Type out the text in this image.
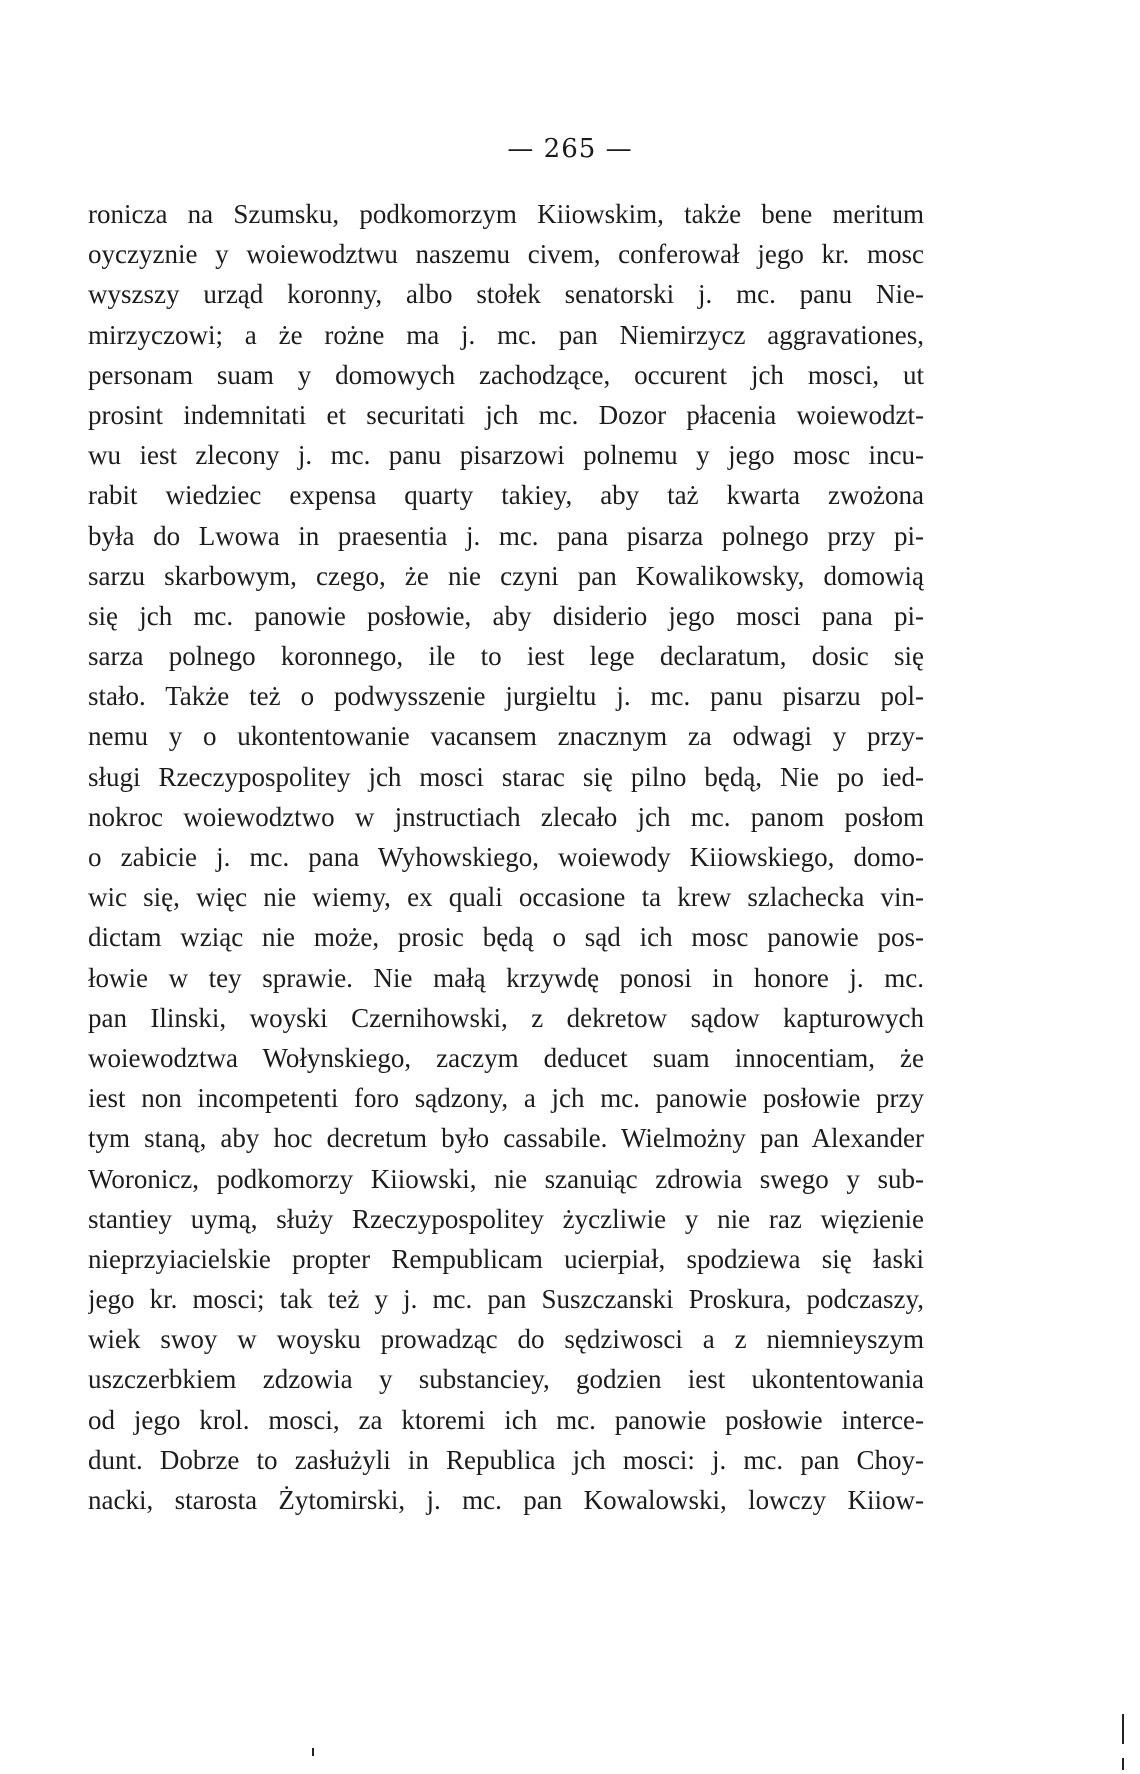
— 265 —
ronicza na Szumsku, podkomorzym Kiiowskim, także bene meritum
oyczyznie y woiewodztwu naszemu civem, conferował jego kr. mosc
wyszszy urząd koronny, albo stołek senatorski j. mc. panu Nie-
mirzyczowi; a że rożne ma j. mc. pan Niemirzycz aggravationes,
personam suam y domowych zachodzące, occurent jch mosci, ut
prosint indemnitati et securitati jch mc. Dozor płacenia woiewodzt-
wu iest zlecony j. mc. panu pisarzowi polnemu y jego mosc incu-
rabit wiedziec expensa quarty takiey, aby taż kwarta zwożona
była do Lwowa in praesentia j. mc. pana pisarza polnego przy pi-
sarzu skarbowym, czego, że nie czyni pan Kowalikowsky, domowią
się jch mc. panowie posłowie, aby disiderio jego mosci pana pi-
sarza polnego koronnego, ile to iest lege declaratum, dosic się
stało. Także też o podwysszenie jurgieltu j. mc. panu pisarzu pol-
nemu y o ukontentowanie vacansem znacznym za odwagi y przy-
sługi Rzeczypospolitey jch mosci starac się pilno będą, Nie po ied-
nokroc woiewodztwo w jnstructiach zlecało jch mc. panom posłom
o zabicie j. mc. pana Wyhowskiego, woiewody Kiiowskiego, domo-
wic się, więc nie wiemy, ex quali occasione ta krew szlachecka vin-
dictam wziąc nie może, prosic będą o sąd ich mosc panowie pos-
łowie w tey sprawie. Nie małą krzywdę ponosi in honore j. mc.
pan Ilinski, woyski Czernihowski, z dekretow sądow kapturowych
woiewodztwa Wołynskiego, zaczym deducet suam innocentiam, że
iest non incompetenti foro sądzony, a jch mc. panowie posłowie przy
tym staną, aby hoc decretum było cassabile. Wielmożny pan Alexander
Woronicz, podkomorzy Kiiowski, nie szanuiąc zdrowia swego y sub-
stantiey uymą, służy Rzeczypospolitey życzliwie y nie raz więzienie
nieprzyiacielskie propter Rempublicam ucierpiał, spodziewa się łaski
jego kr. mosci; tak też y j. mc. pan Suszczanski Proskura, podczaszy,
wiek swoy w woysku prowadząc do sędziwosci a z niemnieyszym
uszczerbkiem zdzowia y substanciey, godzien iest ukontentowania
od jego krol. mosci, za ktoremi ich mc. panowie posłowie interce-
dunt. Dobrze to zasłużyli in Republica jch mosci: j. mc. pan Choy-
nacki, starosta Żytomirski, j. mc. pan Kowalowski, lowczy Kiiow-
